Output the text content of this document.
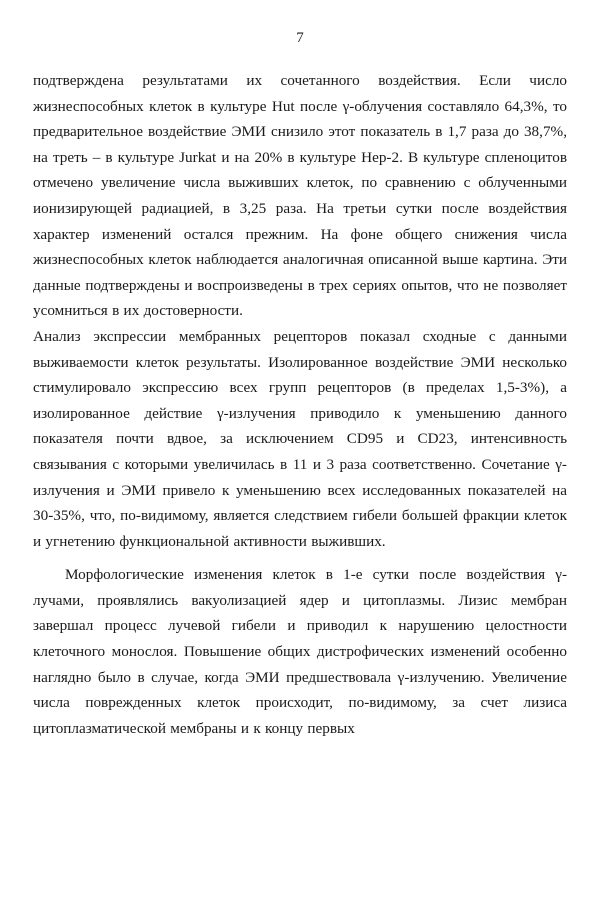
7

подтверждена результатами их сочетанного воздействия. Если число жизнеспособных клеток в культуре Hut после γ-облучения составляло 64,3%, то предварительное воздействие ЭМИ снизило этот показатель в 1,7 раза до 38,7%, на треть – в культуре Jurkat и на 20% в культуре Hep-2. В культуре спленоцитов отмечено увеличение числа выживших клеток, по сравнению с облученными ионизирующей радиацией, в 3,25 раза. На третьи сутки после воздействия характер изменений остался прежним. На фоне общего снижения числа жизнеспособных клеток наблюдается аналогичная описанной выше картина. Эти данные подтверждены и воспроизведены в трех сериях опытов, что не позволяет усомниться в их достоверности.

Анализ экспрессии мембранных рецепторов показал сходные с данными выживаемости клеток результаты. Изолированное воздействие ЭМИ несколько стимулировало экспрессию всех групп рецепторов (в пределах 1,5-3%), а изолированное действие γ-излучения приводило к уменьшению данного показателя почти вдвое, за исключением CD95 и CD23, интенсивность связывания с которыми увеличилась в 11 и 3 раза соответственно. Сочетание γ-излучения и ЭМИ привело к уменьшению всех исследованных показателей на 30-35%, что, по-видимому, является следствием гибели большей фракции клеток и угнетению функциональной активности выживших.

Морфологические изменения клеток в 1-е сутки после воздействия γ-лучами, проявлялись вакуолизацией ядер и цитоплазмы. Лизис мембран завершал процесс лучевой гибели и приводил к нарушению целостности клеточного монослоя. Повышение общих дистрофических изменений особенно наглядно было в случае, когда ЭМИ предшествовала γ-излучению. Увеличение числа поврежденных клеток происходит, по-видимому, за счет лизиса цитоплазматической мембраны и к концу первых
